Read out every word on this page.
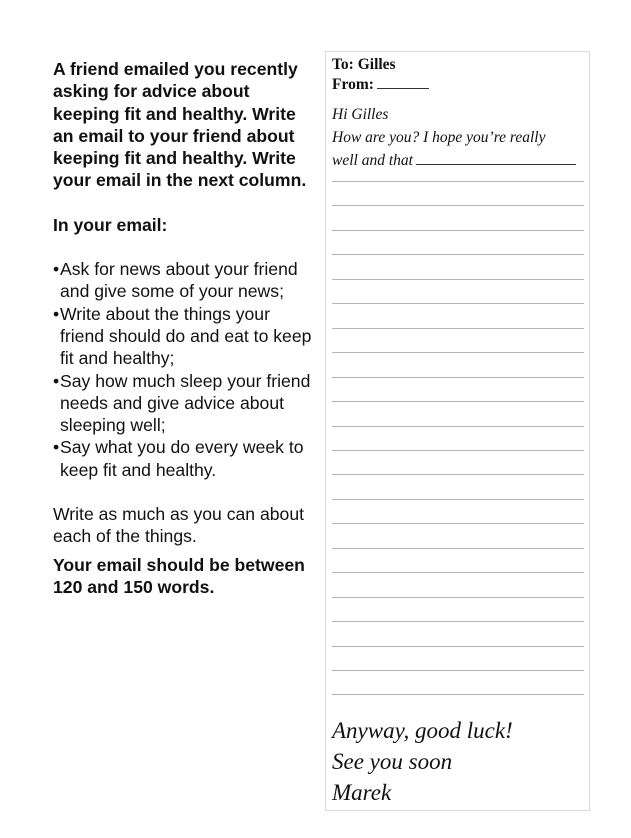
A friend emailed you recently asking for advice about keeping fit and healthy. Write an email to your friend about keeping fit and healthy. Write your email in the next column.

In your email:

• Ask for news about your friend and give some of your news;
• Write about the things your friend should do and eat to keep fit and healthy;
• Say how much sleep your friend needs and give advice about sleeping well;
• Say what you do every week to keep fit and healthy.

Write as much as you can about each of the things.

Your email should be between 120 and 150 words.

To: Gilles
From:
Hi Gilles
How are you? I hope you’re really
well and that
Anyway, good luck!
See you soon
Marek
